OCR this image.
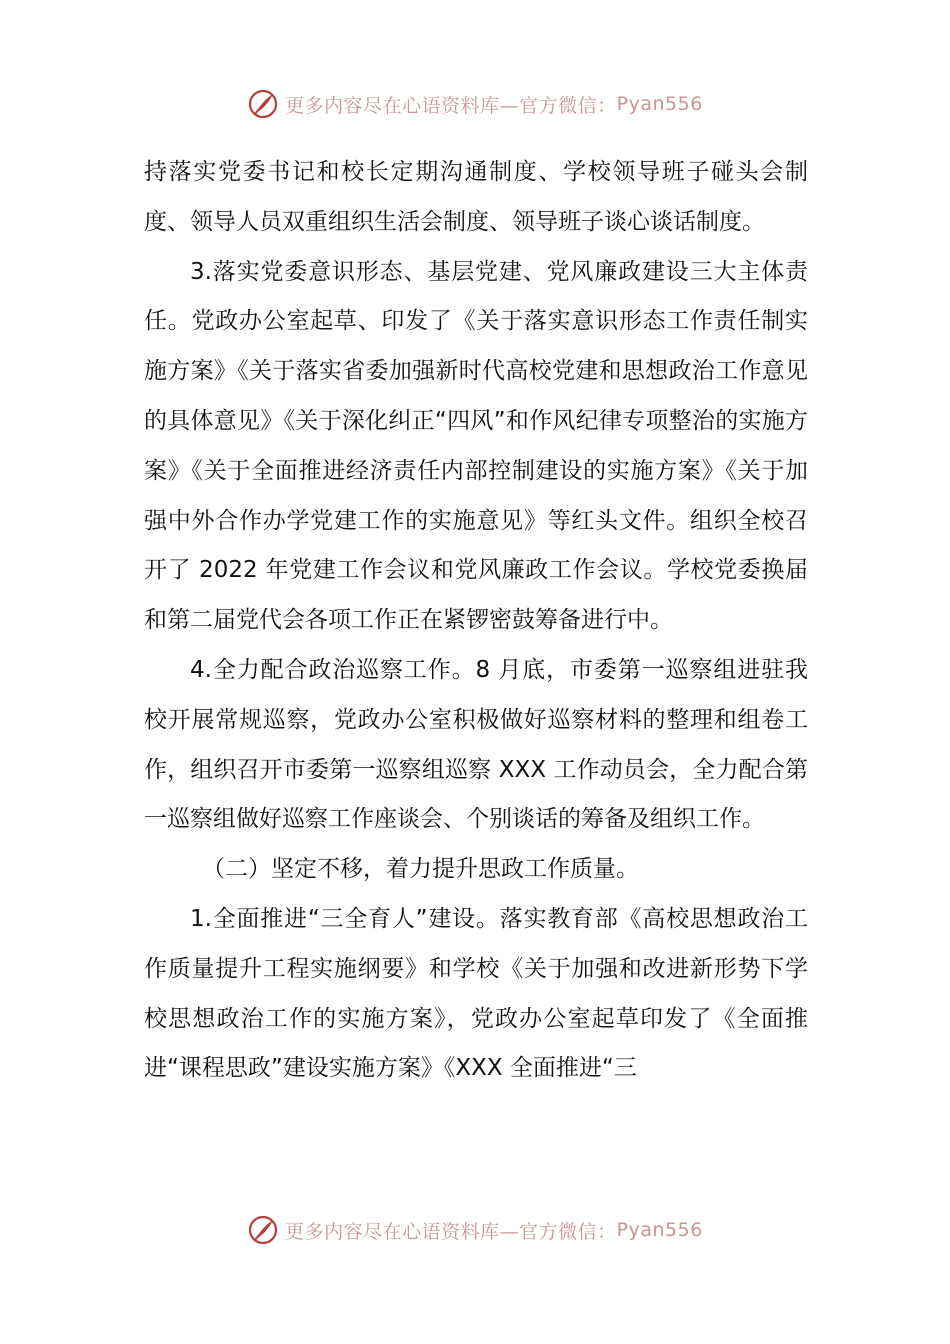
更多内容尽在心语资料库—官方微信： Pyan556

持落实党委书记和校长定期沟通制度、学校领导班子碰头会制度、领导人员双重组织生活会制度、领导班子谈心谈话制度。

3.落实党委意识形态、基层党建、党风廉政建设三大主体责任。党政办公室起草、印发了《关于落实意识形态工作责任制实施方案》《关于落实省委加强新时代高校党建和思想政治工作意见的具体意见》《关于深化纠正“四风”和作风纪律专项整治的实施方案》《关于全面推进经济责任内部控制建设的实施方案》《关于加强中外合作办学党建工作的实施意见》等红头文件。组织全校召开了 2022 年党建工作会议和党风廉政工作会议。学校党委换届和第二届党代会各项工作正在紧锣密鼓筹备进行中。

4.全力配合政治巡察工作。8 月底，市委第一巡察组进驻我校开展常规巡察，党政办公室积极做好巡察材料的整理和组卷工作，组织召开市委第一巡察组巡察 XXX 工作动员会，全力配合第一巡察组做好巡察工作座谈会、个别谈话的筹备及组织工作。

（二）坚定不移，着力提升思政工作质量。

1.全面推进“三全育人”建设。落实教育部《高校思想政治工作质量提升工程实施纲要》和学校《关于加强和改进新形势下学校思想政治工作的实施方案》，党政办公室起草印发了《全面推进“课程思政”建设实施方案》《XXX 全面推进“三

更多内容尽在心语资料库—官方微信： Pyan556
